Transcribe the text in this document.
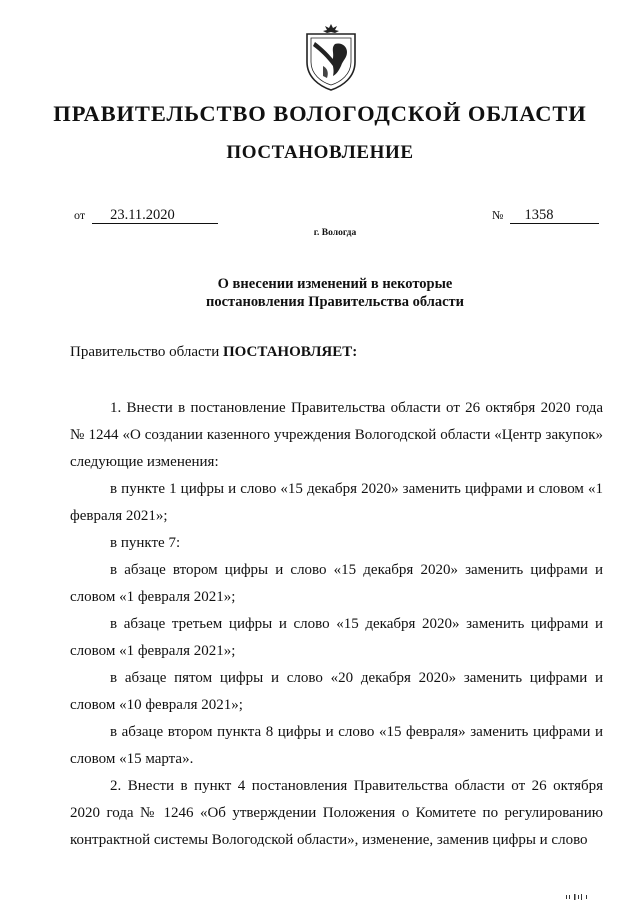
ПРАВИТЕЛЬСТВО ВОЛОГОДСКОЙ ОБЛАСТИ
ПОСТАНОВЛЕНИЕ
от 23.11.2020	№ 1358
г. Вологда
О внесении изменений в некоторые
постановления Правительства области
Правительство области ПОСТАНОВЛЯЕТ:

1. Внести в постановление Правительства области от 26 октября 2020 года № 1244 «О создании казенного учреждения Вологодской области «Центр закупок» следующие изменения:

в пункте 1 цифры и слово «15 декабря 2020» заменить цифрами и словом «1 февраля 2021»;

в пункте 7:

в абзаце втором цифры и слово «15 декабря 2020» заменить цифрами и словом «1 февраля 2021»;

в абзаце третьем цифры и слово «15 декабря 2020» заменить цифрами и словом «1 февраля 2021»;

в абзаце пятом цифры и слово «20 декабря 2020» заменить цифрами и словом «10 февраля 2021»;

в абзаце втором пункта 8 цифры и слово «15 февраля» заменить цифрами и словом «15 марта».

2. Внести в пункт 4 постановления Правительства области от 26 октября 2020 года № 1246 «Об утверждении Положения о Комитете по регулированию контрактной системы Вологодской области», изменение, заменив цифры и слово
